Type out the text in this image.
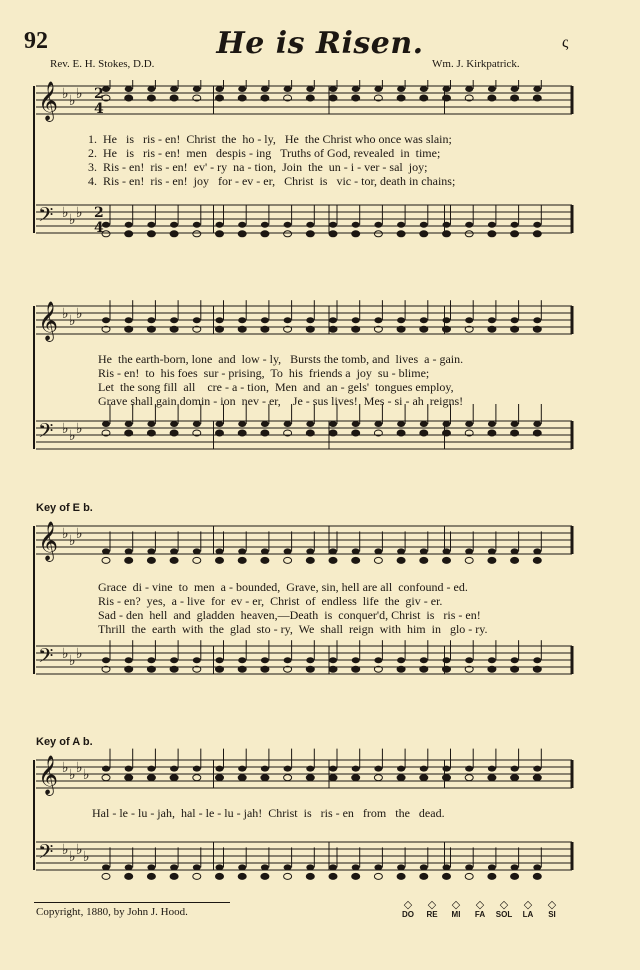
92	He is Risen.	ς
Rev. E. H. Stokes, D.D.	Wm. J. Kirkpatrick.
𝄞 ♭ ♭ ♭
𝄢 ♭ ♭ ♭
2
4
2
4
1. He   is   ris - en!  Christ  the  ho - ly,   He  the Christ who once was slain;
2. He   is   ris - en!  men   despis - ing   Truths of God, revealed  in  time;
3. Ris - en!  ris - en!  ev' - ry  na - tion,  Join  the  un - i - ver - sal  joy;
4. Ris - en!  ris - en!  joy   for - ev - er,   Christ  is   vic - tor, death in chains;
𝄞 ♭ ♭ ♭
𝄢 ♭ ♭ ♭
He  the earth-born, lone  and  low - ly,   Bursts the tomb, and  lives  a - gain.
Ris - en!  to  his foes  sur - prising,  To  his  friends a  joy  su - blime;
Let  the song fill  all    cre - a - tion,  Men  and  an - gels'  tongues employ,
Grave shall gain domin - ion  nev - er,    Je - sus lives!  Mes - si - ah  reigns!
Key of E b.
𝄞 ♭ ♭ ♭
𝄢 ♭ ♭ ♭
Grace  di - vine  to  men  a - bounded,  Grave, sin, hell are all  confound - ed.
Ris - en?  yes,  a - live  for  ev - er,  Christ  of  endless  life  the  giv - er.
Sad - den  hell  and  gladden  heaven,—Death  is  conquer'd, Christ  is   ris - en!
Thrill  the  earth  with  the  glad  sto - ry,  We  shall  reign  with  him  in   glo - ry.
Key of A b.
𝄞 ♭ ♭ ♭ ♭
𝄢 ♭ ♭ ♭ ♭
Hal - le - lu - jah,  hal - le - lu - jah!  Christ  is   ris - en   from   the   dead.
Copyright, 1880, by John J. Hood.
◇
DO
◇
RE
◇
MI
◇
FA
◇
SOL
◇
LA
◇
SI
